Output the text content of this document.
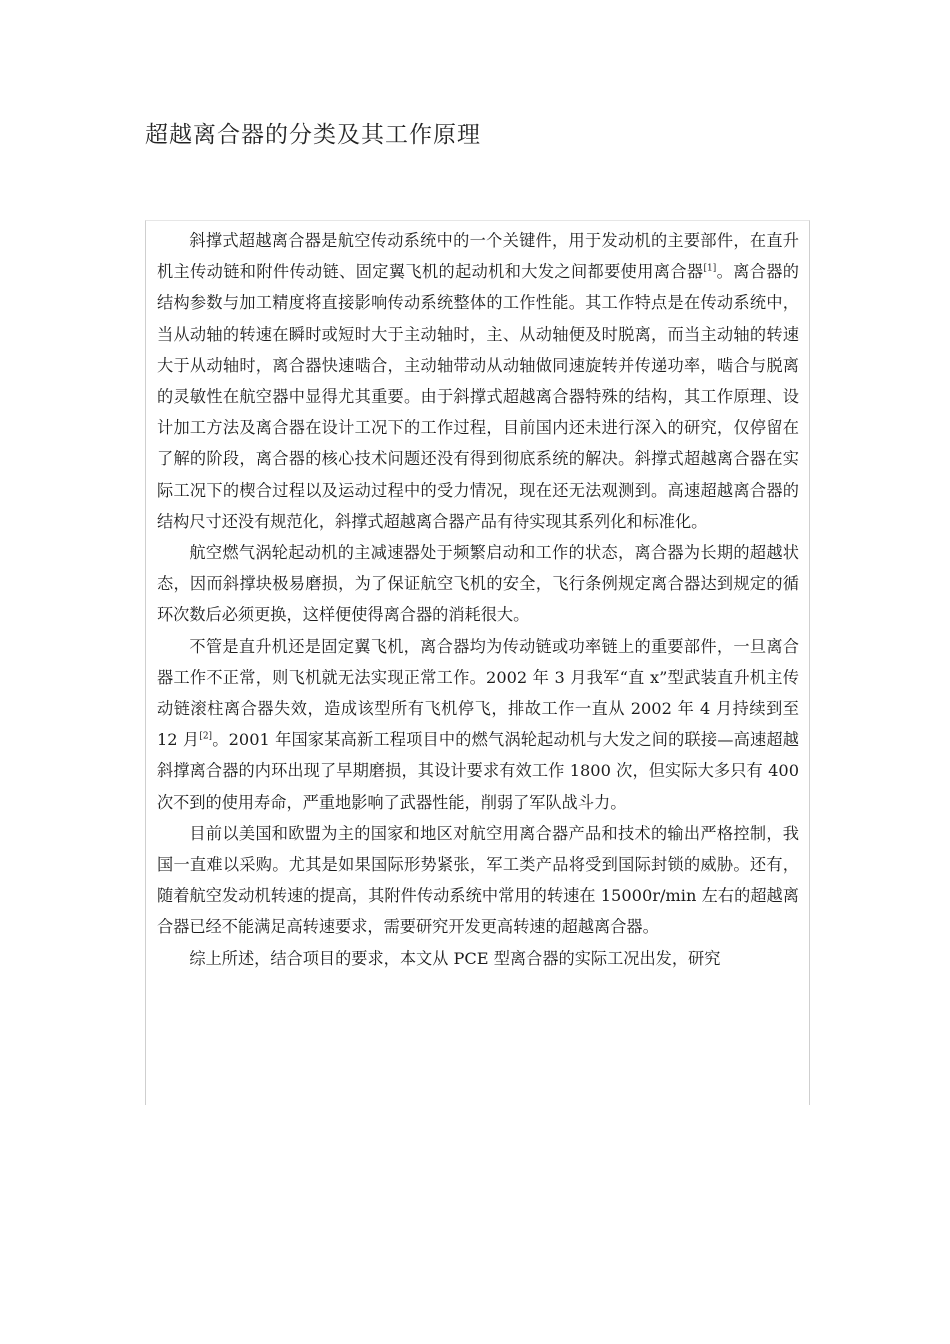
超越离合器的分类及其工作原理

斜撑式超越离合器是航空传动系统中的一个关键件，用于发动机的主要部件，在直升机主传动链和附件传动链、固定翼飞机的起动机和大发之间都要使用离合器[1]。离合器的结构参数与加工精度将直接影响传动系统整体的工作性能。其工作特点是在传动系统中，当从动轴的转速在瞬时或短时大于主动轴时，主、从动轴便及时脱离，而当主动轴的转速大于从动轴时，离合器快速啮合，主动轴带动从动轴做同速旋转并传递功率，啮合与脱离的灵敏性在航空器中显得尤其重要。由于斜撑式超越离合器特殊的结构，其工作原理、设计加工方法及离合器在设计工况下的工作过程，目前国内还未进行深入的研究，仅停留在了解的阶段，离合器的核心技术问题还没有得到彻底系统的解决。斜撑式超越离合器在实际工况下的楔合过程以及运动过程中的受力情况，现在还无法观测到。高速超越离合器的结构尺寸还没有规范化，斜撑式超越离合器产品有待实现其系列化和标准化。

航空燃气涡轮起动机的主减速器处于频繁启动和工作的状态，离合器为长期的超越状态，因而斜撑块极易磨损，为了保证航空飞机的安全，飞行条例规定离合器达到规定的循环次数后必须更换，这样便使得离合器的消耗很大。

不管是直升机还是固定翼飞机，离合器均为传动链或功率链上的重要部件，一旦离合器工作不正常，则飞机就无法实现正常工作。2002 年 3 月我军“直 x”型武装直升机主传动链滚柱离合器失效，造成该型所有飞机停飞，排故工作一直从 2002 年 4 月持续到至 12 月[2]。2001 年国家某高新工程项目中的燃气涡轮起动机与大发之间的联接—高速超越斜撑离合器的内环出现了早期磨损，其设计要求有效工作 1800 次，但实际大多只有 400 次不到的使用寿命，严重地影响了武器性能，削弱了军队战斗力。

目前以美国和欧盟为主的国家和地区对航空用离合器产品和技术的输出严格控制，我国一直难以采购。尤其是如果国际形势紧张，军工类产品将受到国际封锁的威胁。还有，随着航空发动机转速的提高，其附件传动系统中常用的转速在 15000r/min 左右的超越离合器已经不能满足高转速要求，需要研究开发更高转速的超越离合器。

综上所述，结合项目的要求，本文从 PCE 型离合器的实际工况出发，研究
